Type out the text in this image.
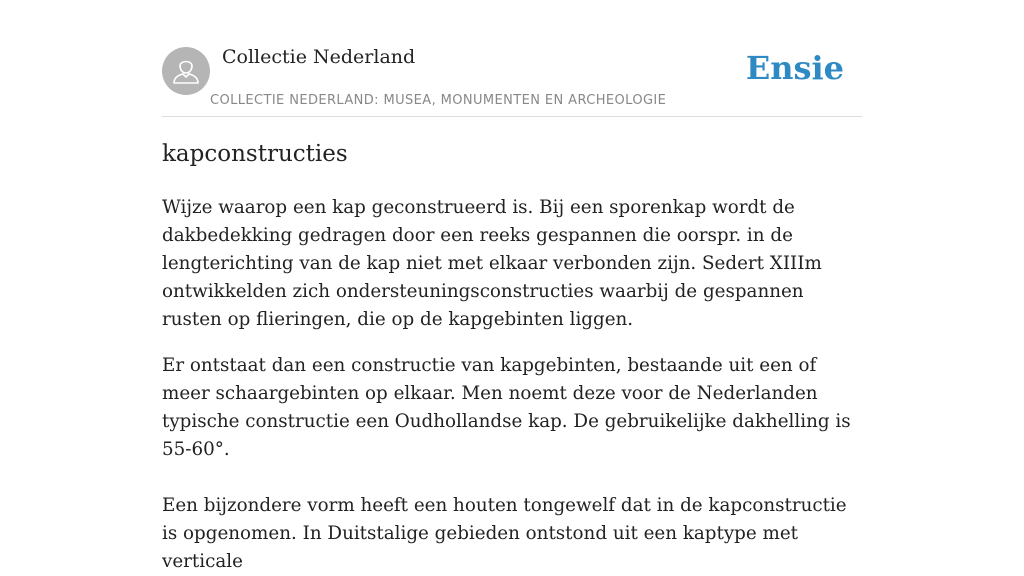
Collectie Nederland
COLLECTIE NEDERLAND: MUSEA, MONUMENTEN EN ARCHEOLOGIE
Ensie
kapconstructies

Wijze waarop een kap geconstrueerd is. Bij een sporenkap wordt de dakbedekking gedragen door een reeks gespannen die oorspr. in de lengterichting van de kap niet met elkaar verbonden zijn. Sedert XIIIm ontwikkelden zich ondersteuningsconstructies waarbij de gespannen rusten op flieringen, die op de kapgebinten liggen.

Er ontstaat dan een constructie van kapgebinten, bestaande uit een of meer schaargebinten op elkaar. Men noemt deze voor de Nederlanden typische constructie een Oudhollandse kap. De gebruikelijke dakhelling is 55-60°.

Een bijzondere vorm heeft een houten tongewelf dat in de kapconstructie is opgenomen. In Duitstalige gebieden ontstond uit een kaptype met verticale
